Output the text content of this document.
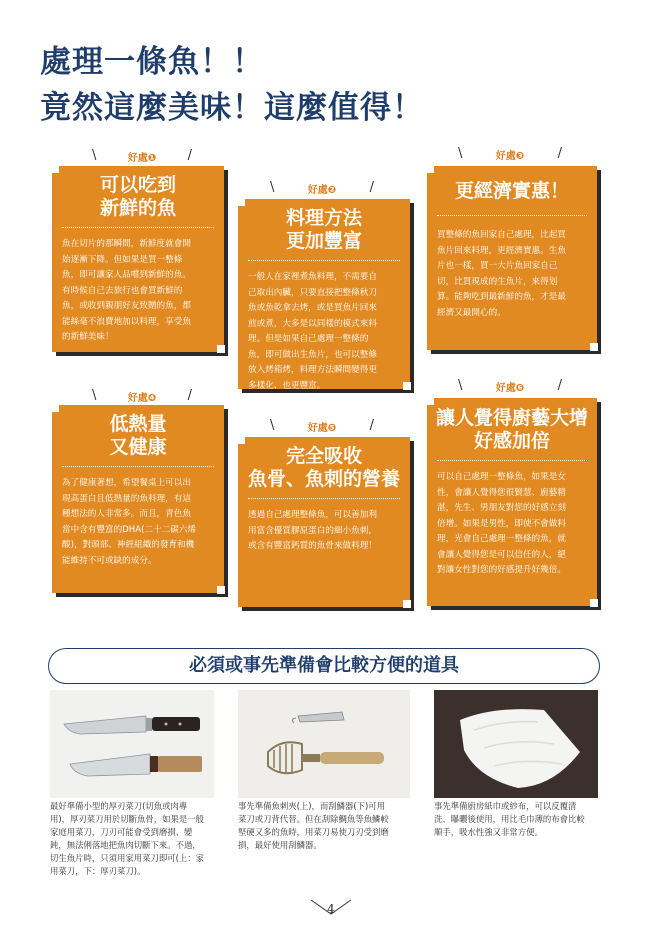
處理一條魚！！
竟然這麼美味！這麼值得！
\	好處❶	/
可以吃到
新鮮的魚
魚在切片的那瞬間，新鮮度就會開
始逐漸下降。但如果是買一整條
魚，即可讓家人品嚐到新鮮的魚。
有時候自己去旅行也會買新鮮的
魚，或收到親朋好友致贈的魚，都
能絲毫不浪費地加以料理，享受魚
的新鮮美味！
\	好處❷	/
料理方法
更加豐富
一般人在家裡煮魚料理，不需要自
己取出內臟，只要直接把整條秋刀
魚或魚乾拿去烤，或是買魚片回來
煎或煮，大多是以同樣的模式來料
理。但是如果自己處理一整條的
魚，即可做出生魚片，也可以整條
放入烤箱烤，料理方法瞬間變得更
多樣化、也更豐富。
\	好處❸	/
更經濟實惠！
買整條的魚回家自己處理，比起買
魚片回來料理，更經濟實惠。生魚
片也一樣，買一大片魚回家自己
切，比買現成的生魚片，來得划
算。能夠吃到最新鮮的魚，才是最
經濟又最開心的。
\	好處❹	/
低熱量
又健康
為了健康著想，希望餐桌上可以出
現高蛋白且低熱量的魚料理，有這
種想法的人非常多。而且，青色魚
當中含有豐富的DHA(二十二碳六烯
酸)，對頭部、神經組織的發育和機
能維持不可或缺的成分。
\	好處❺	/
完全吸收
魚骨、魚刺的營養
透過自己處理整條魚，可以善加利
用富含優質膠原蛋白的細小魚刺，
或含有豐富鈣質的魚骨來做料理！
\	好處❻	/
讓人覺得廚藝大增
好感加倍
可以自己處理一整條魚，如果是女
性，會讓人覺得您很賢慧、廚藝精
湛，先生、男朋友對您的好感立刻
倍增。如果是男性，即使不會做料
理，光會自己處理一整條的魚，就
會讓人覺得您是可以信任的人，絕
對讓女性對您的好感提升好幾倍。
必須或事先準備會比較方便的道具
最好準備小型的厚刃菜刀(切魚或肉專
用)，厚刃菜刀用於切斷魚骨，如果是一般
家庭用菜刀，刀刃可能會受到磨損、變
鈍，無法俐落地把魚肉切斷下來。不過，
切生魚片時，只須用家用菜刀即可(上：家
用菜刀，下：厚刃菜刀)。
事先準備魚刺夾(上)，而刮鱗器(下)可用
菜刀或刀背代替。但在刮除鯛魚等魚鱗較
堅硬又多的魚時，用菜刀易使刀刃受到磨
損，最好使用刮鱗器。
事先準備廚房紙巾或紗布，可以反覆清
洗、曝曬後使用，用比毛巾薄的布會比較
順手，吸水性強又非常方便。
4
